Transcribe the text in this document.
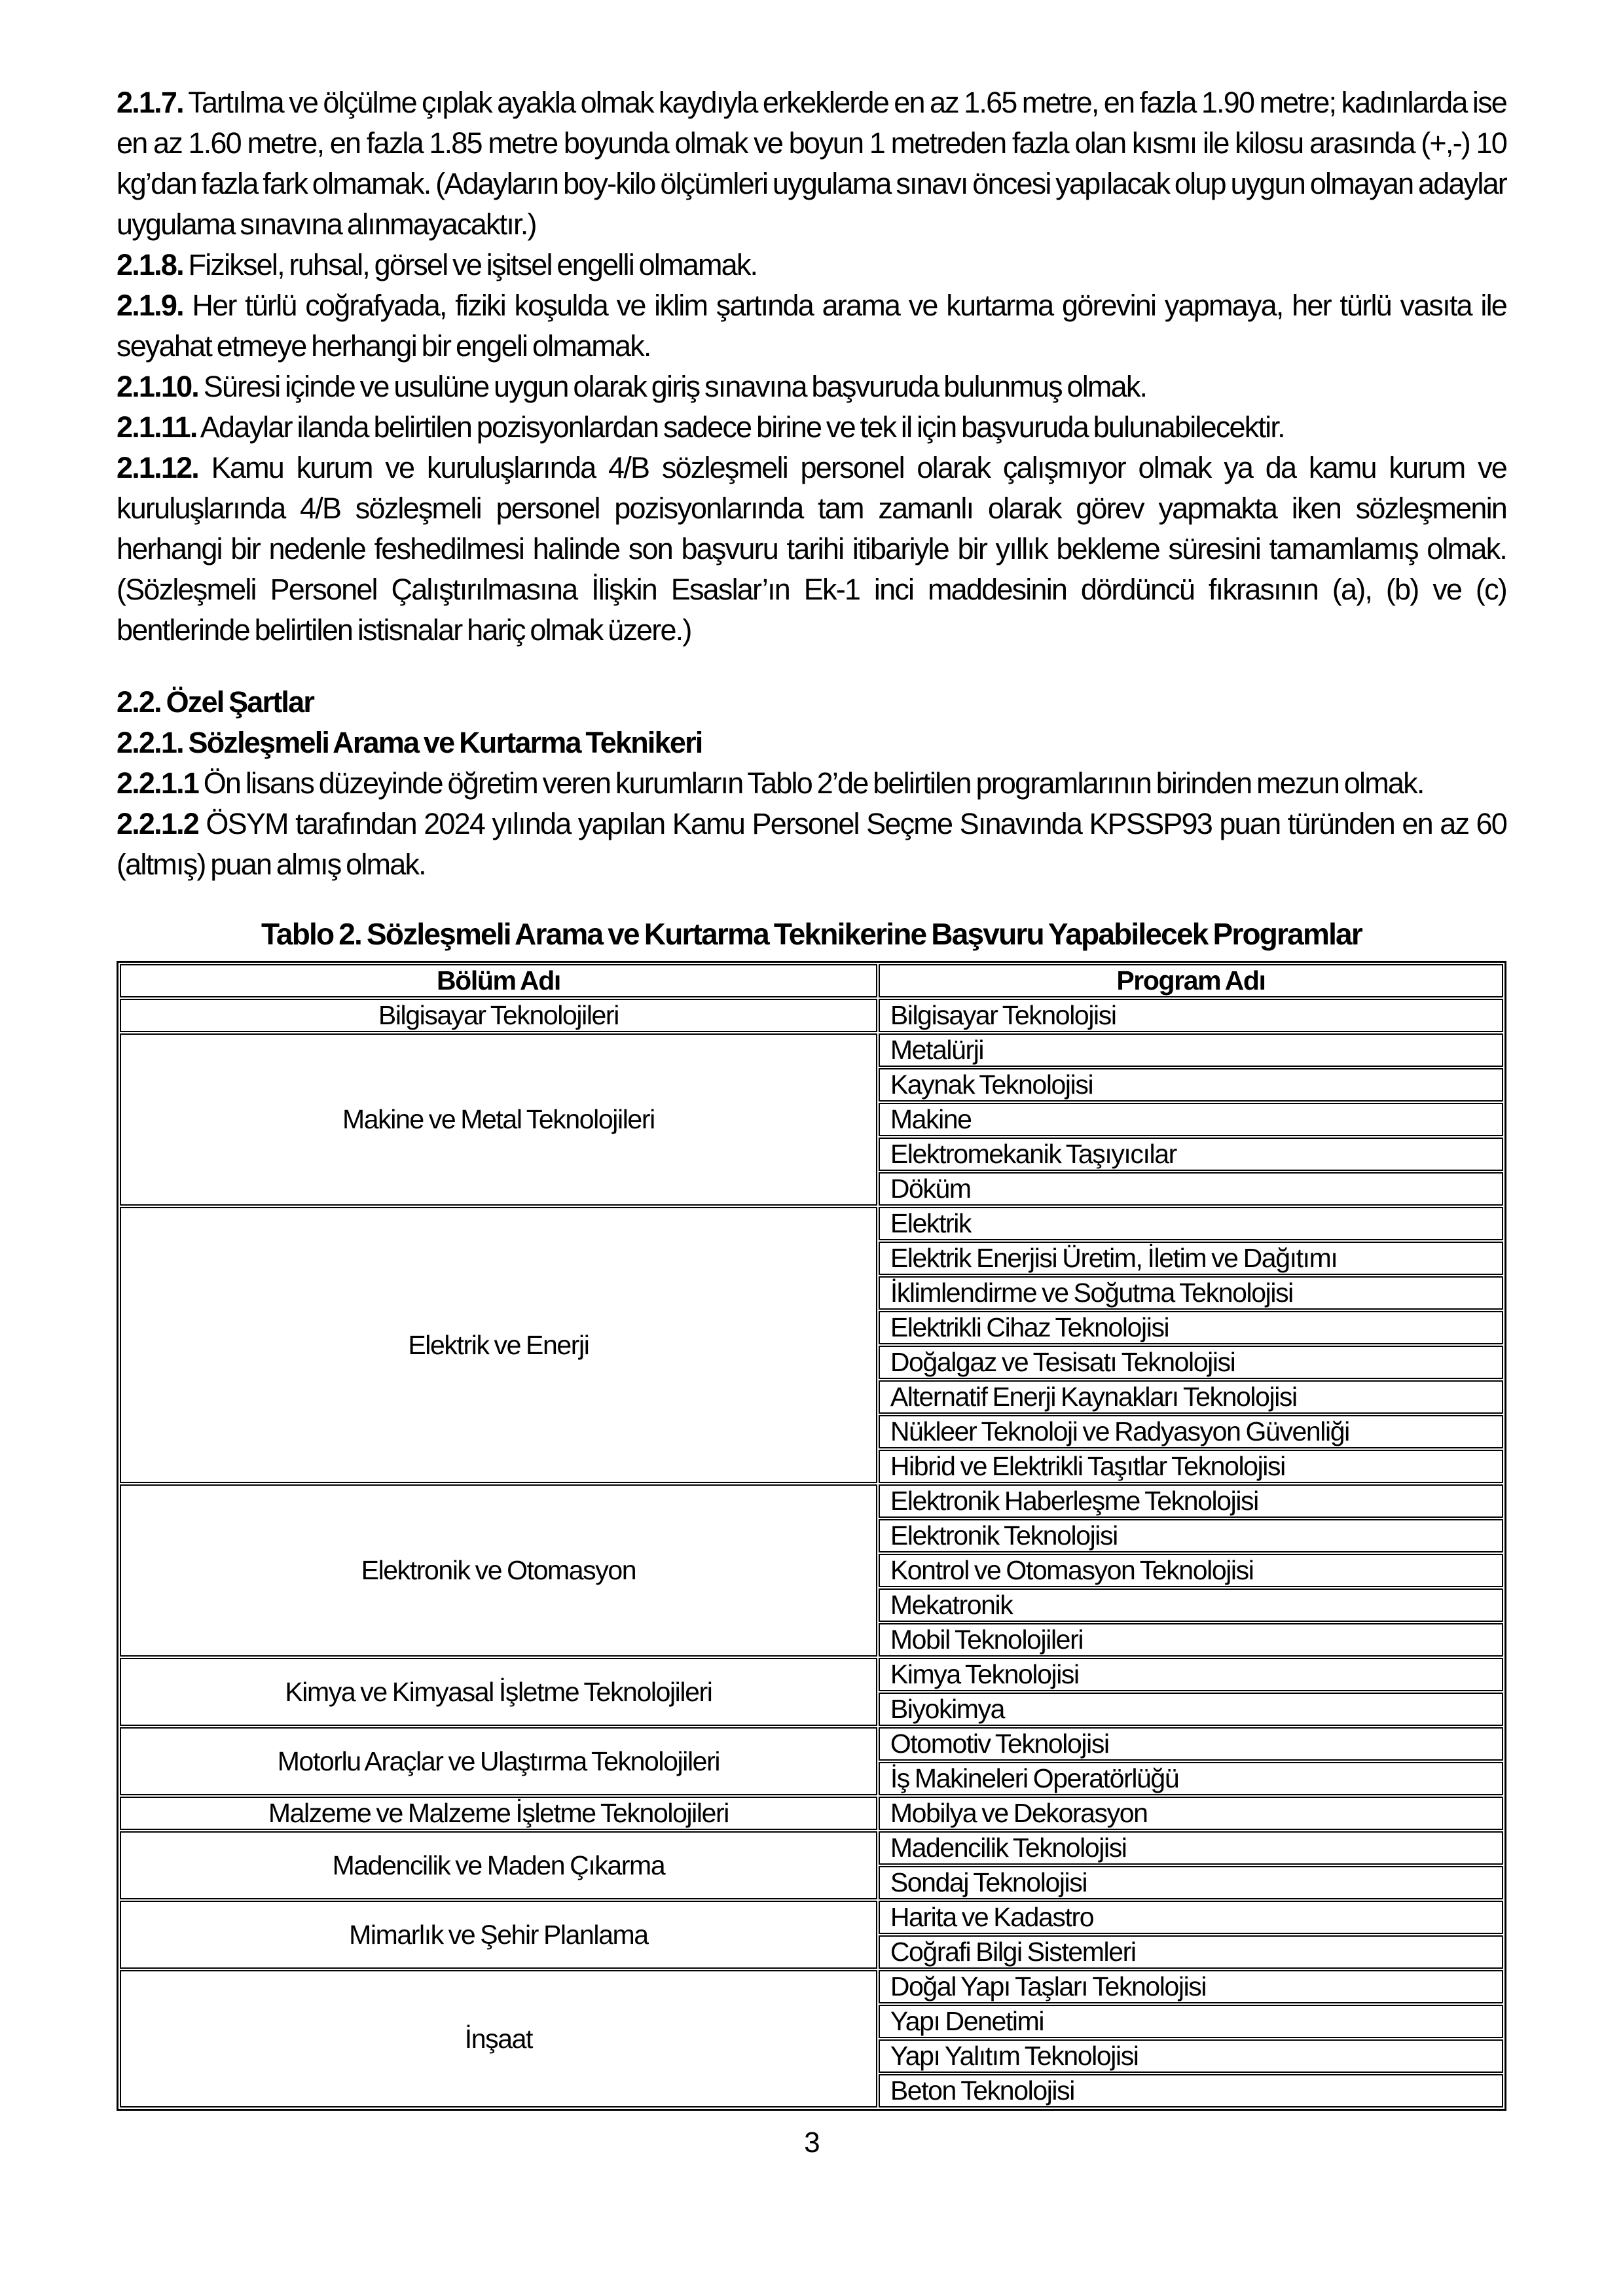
2.1.7. Tartılma ve ölçülme çıplak ayakla olmak kaydıyla erkeklerde en az 1.65 metre, en fazla 1.90 metre; kadınlarda ise en az 1.60 metre, en fazla 1.85 metre boyunda olmak ve boyun 1 metreden fazla olan kısmı ile kilosu arasında (+,-) 10 kg’dan fazla fark olmamak. (Adayların boy-kilo ölçümleri uygulama sınavı öncesi yapılacak olup uygun olmayan adaylar uygulama sınavına alınmayacaktır.)

2.1.8. Fiziksel, ruhsal, görsel ve işitsel engelli olmamak.

2.1.9. Her türlü coğrafyada, fiziki koşulda ve iklim şartında arama ve kurtarma görevini yapmaya, her türlü vasıta ile seyahat etmeye herhangi bir engeli olmamak.

2.1.10. Süresi içinde ve usulüne uygun olarak giriş sınavına başvuruda bulunmuş olmak.

2.1.11. Adaylar ilanda belirtilen pozisyonlardan sadece birine ve tek il için başvuruda bulunabilecektir.

2.1.12. Kamu kurum ve kuruluşlarında 4/B sözleşmeli personel olarak çalışmıyor olmak ya da kamu kurum ve kuruluşlarında 4/B sözleşmeli personel pozisyonlarında tam zamanlı olarak görev yapmakta iken sözleşmenin herhangi bir nedenle feshedilmesi halinde son başvuru tarihi itibariyle bir yıllık bekleme süresini tamamlamış olmak. (Sözleşmeli Personel Çalıştırılmasına İlişkin Esaslar’ın Ek-1 inci maddesinin dördüncü fıkrasının (a), (b) ve (c) bentlerinde belirtilen istisnalar hariç olmak üzere.)

2.2. Özel Şartlar

2.2.1. Sözleşmeli Arama ve Kurtarma Teknikeri

2.2.1.1 Ön lisans düzeyinde öğretim veren kurumların Tablo 2’de belirtilen programlarının birinden mezun olmak.

2.2.1.2 ÖSYM tarafından 2024 yılında yapılan Kamu Personel Seçme Sınavında KPSSP93 puan türünden en az 60 (altmış) puan almış olmak.

Tablo 2. Sözleşmeli Arama ve Kurtarma Teknikerine Başvuru Yapabilecek Programlar

Bölüm Adı	Program Adı
Bilgisayar Teknolojileri	Bilgisayar Teknolojisi
Makine ve Metal Teknolojileri	Metalürji
	Kaynak Teknolojisi
	Makine
	Elektromekanik Taşıyıcılar
	Döküm
Elektrik ve Enerji	Elektrik
	Elektrik Enerjisi Üretim, İletim ve Dağıtımı
	İklimlendirme ve Soğutma Teknolojisi
	Elektrikli Cihaz Teknolojisi
	Doğalgaz ve Tesisatı Teknolojisi
	Alternatif Enerji Kaynakları Teknolojisi
	Nükleer Teknoloji ve Radyasyon Güvenliği
	Hibrid ve Elektrikli Taşıtlar Teknolojisi
Elektronik ve Otomasyon	Elektronik Haberleşme Teknolojisi
	Elektronik Teknolojisi
	Kontrol ve Otomasyon Teknolojisi
	Mekatronik
	Mobil Teknolojileri
Kimya ve Kimyasal İşletme Teknolojileri	Kimya Teknolojisi
	Biyokimya
Motorlu Araçlar ve Ulaştırma Teknolojileri	Otomotiv Teknolojisi
	İş Makineleri Operatörlüğü
Malzeme ve Malzeme İşletme Teknolojileri	Mobilya ve Dekorasyon
Madencilik ve Maden Çıkarma	Madencilik Teknolojisi
	Sondaj Teknolojisi
Mimarlık ve Şehir Planlama	Harita ve Kadastro
	Coğrafi Bilgi Sistemleri
İnşaat	Doğal Yapı Taşları Teknolojisi
	Yapı Denetimi
	Yapı Yalıtım Teknolojisi
	Beton Teknolojisi
3
